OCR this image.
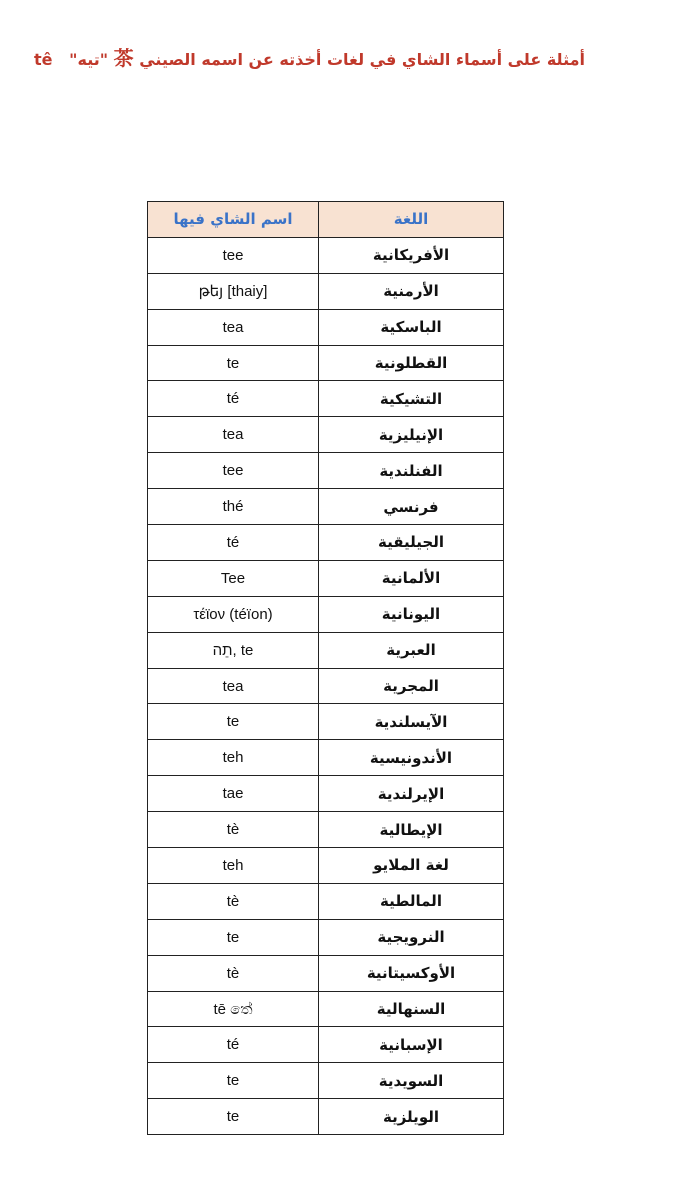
أمثلة على أسماء الشاي في لغات أخذته عن اسمه الصيني 茶 "تيه"   tê
اسم الشاي فيها	اللغة
tee	الأفريكانية
թեյ [thaiy]	الأرمنية
tea	الباسكية
te	القطلونية
té	التشيكية
tea	الإنيليزية
tee	الفنلندية
thé	فرنسي
té	الجيليقية
Tee	الألمانية
τέϊον (téïon)	اليونانية
תֵה, te	العبرية
tea	المجرية
te	الآيسلندية
teh	الأندونيسية
tae	الإيرلندية
tè	الإيطالية
teh	لغة الملايو
tè	المالطية
te	النرويجية
tè	الأوكسيتانية
tē තේ	السنهالية
té	الإسبانية
te	السويدية
te	الويلزية
